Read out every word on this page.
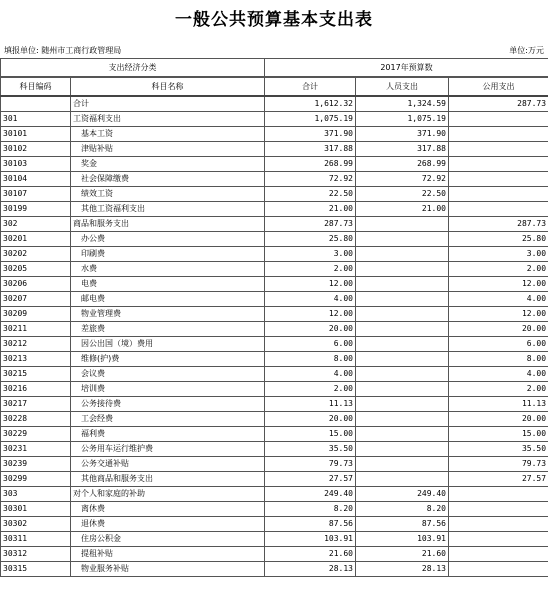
一般公共预算基本支出表
填报单位: 随州市工商行政管理局	单位:万元
支出经济分类		2017年预算数		
科目编码	科目名称	合计	人员支出	公用支出
	合计	1,612.32	1,324.59	287.73
301	工资福利支出	1,075.19	1,075.19	
30101	基本工资	371.90	371.90	
30102	津贴补贴	317.88	317.88	
30103	奖金	268.99	268.99	
30104	社会保障缴费	72.92	72.92	
30107	绩效工资	22.50	22.50	
30199	其他工资福利支出	21.00	21.00	
302	商品和服务支出	287.73		287.73
30201	办公费	25.80		25.80
30202	印刷费	3.00		3.00
30205	水费	2.00		2.00
30206	电费	12.00		12.00
30207	邮电费	4.00		4.00
30209	物业管理费	12.00		12.00
30211	差旅费	20.00		20.00
30212	因公出国（境）费用	6.00		6.00
30213	维修(护)费	8.00		8.00
30215	会议费	4.00		4.00
30216	培训费	2.00		2.00
30217	公务接待费	11.13		11.13
30228	工会经费	20.00		20.00
30229	福利费	15.00		15.00
30231	公务用车运行维护费	35.50		35.50
30239	公务交通补贴	79.73		79.73
30299	其他商品和服务支出	27.57		27.57
303	对个人和家庭的补助	249.40	249.40	
30301	离休费	8.20	8.20	
30302	退休费	87.56	87.56	
30311	住房公积金	103.91	103.91	
30312	提租补贴	21.60	21.60	
30315	物业服务补贴	28.13	28.13	
